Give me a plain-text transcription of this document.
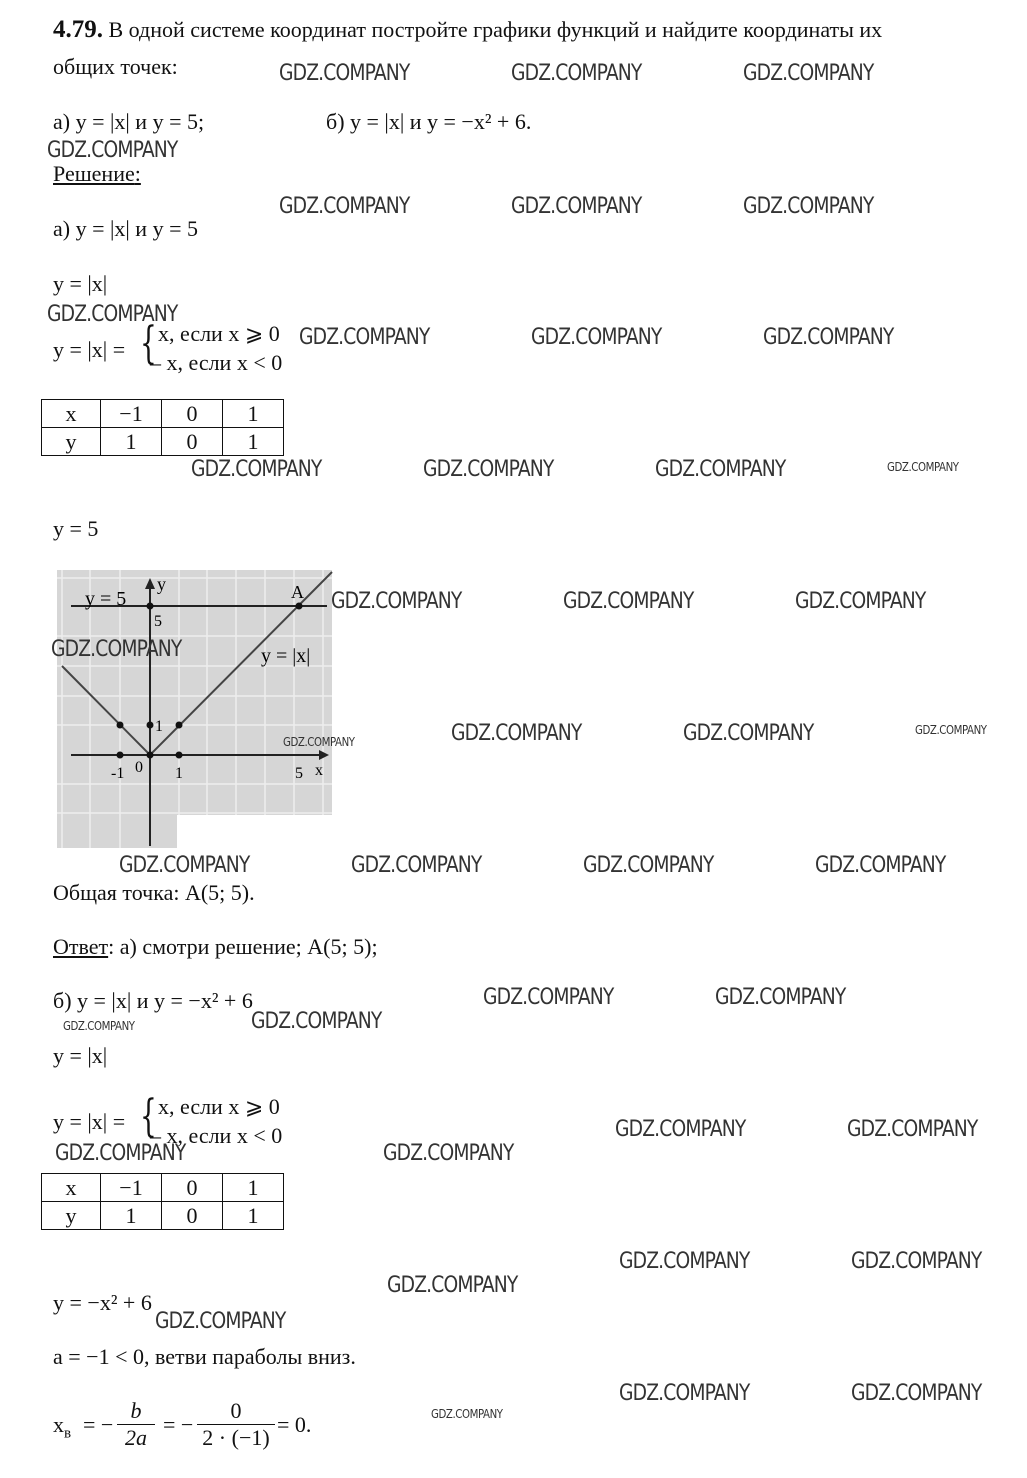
4.79. В одной системе координат постройте графики функций и найдите координаты их
общих точек:
а) y = |x| и y = 5;	б) y = |x| и y = −x² + 6.
Решение:
а) y = |x| и y = 5
y = |x|
y = |x| = { x, если x ⩾ 0
– x, если x < 0
x	−1	0	1
y	1	0	1
y = 5
y = 5
y	A
5
y = |x|
1
-1 0 1	5 x
Общая точка: A(5; 5).
Ответ: а) смотри решение; A(5; 5);
б) y = |x| и y = −x² + 6
y = |x|
y = |x| = { x, если x ⩾ 0
– x, если x < 0
x	−1	0	1
y	1	0	1
y = −x² + 6
a = −1 < 0, ветви параболы вниз.
$x_в$ = − $\frac{b}{2a}$ = − $\frac{0}{2 \cdot (-1)} = 0$.
GDZ.COMPANY	GDZ.COMPANY	GDZ.COMPANY
GDZ.COMPANY
GDZ.COMPANY	GDZ.COMPANY	GDZ.COMPANY
GDZ.COMPANY
GDZ.COMPANY	GDZ.COMPANY	GDZ.COMPANY
GDZ.COMPANY	GDZ.COMPANY	GDZ.COMPANY	GDZ.COMPANY
GDZ.COMPANY	GDZ.COMPANY	GDZ.COMPANY
GDZ.COMPANY
GDZ.COMPANY	GDZ.COMPANY	GDZ.COMPANY	GDZ.COMPANY
GDZ.COMPANY	GDZ.COMPANY	GDZ.COMPANY	GDZ.COMPANY
GDZ.COMPANY	GDZ.COMPANY
GDZ.COMPANY	GDZ.COMPANY
GDZ.COMPANY	GDZ.COMPANY
GDZ.COMPANY	GDZ.COMPANY
GDZ.COMPANY	GDZ.COMPANY
GDZ.COMPANY
GDZ.COMPANY
GDZ.COMPANY	GDZ.COMPANY
GDZ.COMPANY
